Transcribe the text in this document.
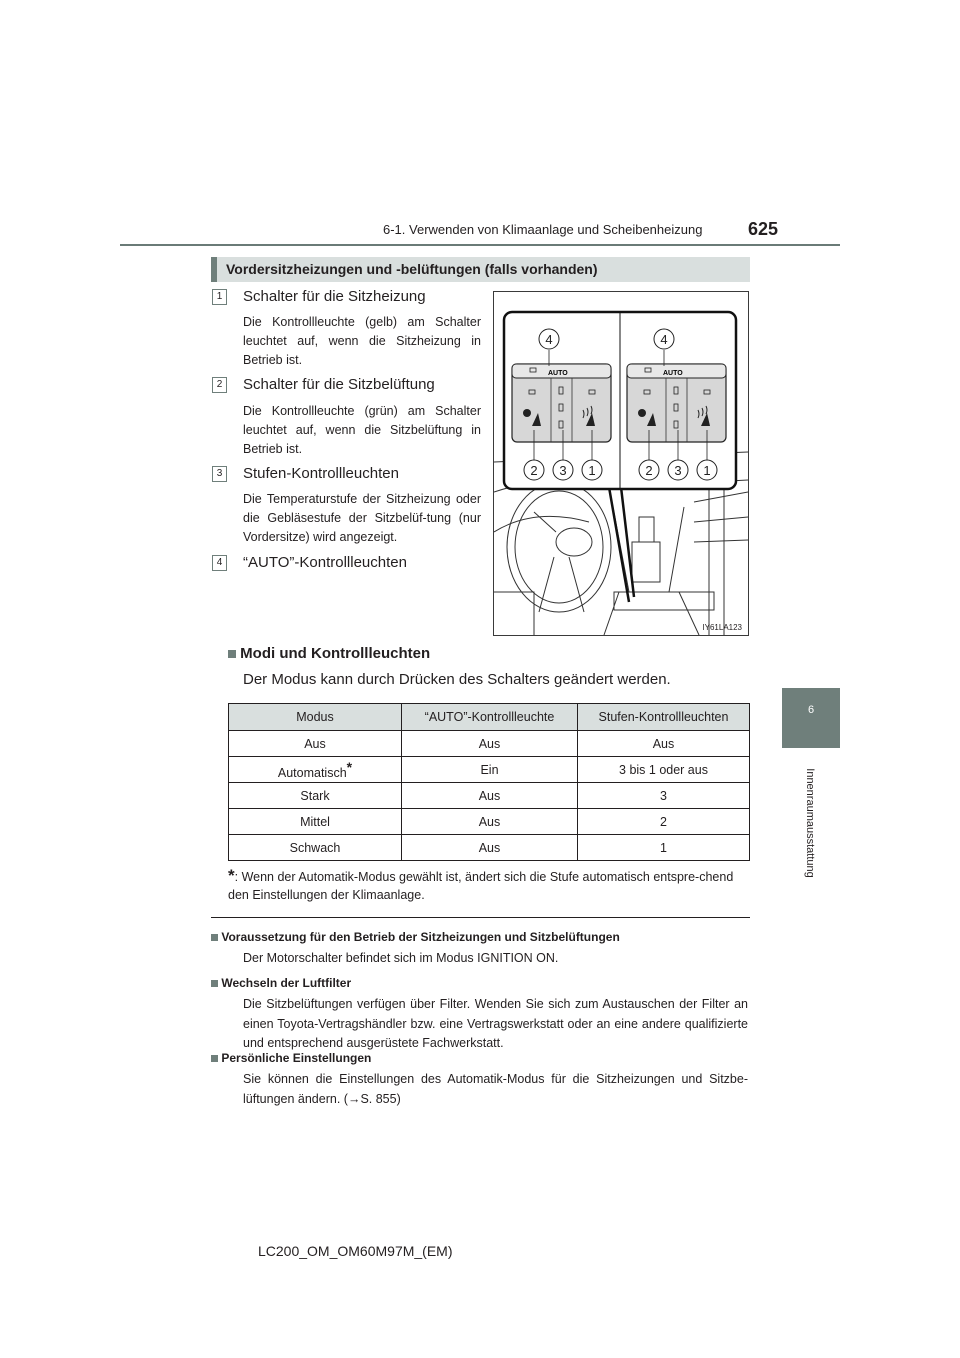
6-1. Verwenden von Klimaanlage und Scheibenheizung	625
6
Innenraumausstattung
Vordersitzheizungen und -belüftungen (falls vorhanden)
1	Schalter für die Sitzheizung
Die Kontrollleuchte (gelb) am Schalter leuchtet auf, wenn die Sitzheizung in Betrieb ist.
2	Schalter für die Sitzbelüftung
Die Kontrollleuchte (grün) am Schalter leuchtet auf, wenn die Sitzbelüftung in Betrieb ist.
3	Stufen-Kontrollleuchten
Die Temperaturstufe der Sitzheizung oder die Gebläsestufe der Sitzbelüf-tung (nur Vordersitze) wird angezeigt.
4	“AUTO”-Kontrollleuchten
AUTO	AUTO
4	4
2 3 1	2 3 1
IY61LA123
Modi und Kontrollleuchten
Der Modus kann durch Drücken des Schalters geändert werden.
Modus	“AUTO”-Kontrollleuchte	Stufen-Kontrollleuchten
Aus	Aus	Aus
Automatisch*	Ein	3 bis 1 oder aus
Stark	Aus	3
Mittel	Aus	2
Schwach	Aus	1
*: Wenn der Automatik-Modus gewählt ist, ändert sich die Stufe automatisch entspre-chend den Einstellungen der Klimaanlage.
Voraussetzung für den Betrieb der Sitzheizungen und Sitzbelüftungen
Der Motorschalter befindet sich im Modus IGNITION ON.
Wechseln der Luftfilter
Die Sitzbelüftungen verfügen über Filter. Wenden Sie sich zum Austauschen der Filter an einen Toyota-Vertragshändler bzw. eine Vertragswerkstatt oder an eine andere qualifizierte und entsprechend ausgerüstete Fachwerkstatt.
Persönliche Einstellungen
Sie können die Einstellungen des Automatik-Modus für die Sitzheizungen und Sitzbe-lüftungen ändern. (→S. 855)
LC200_OM_OM60M97M_(EM)
